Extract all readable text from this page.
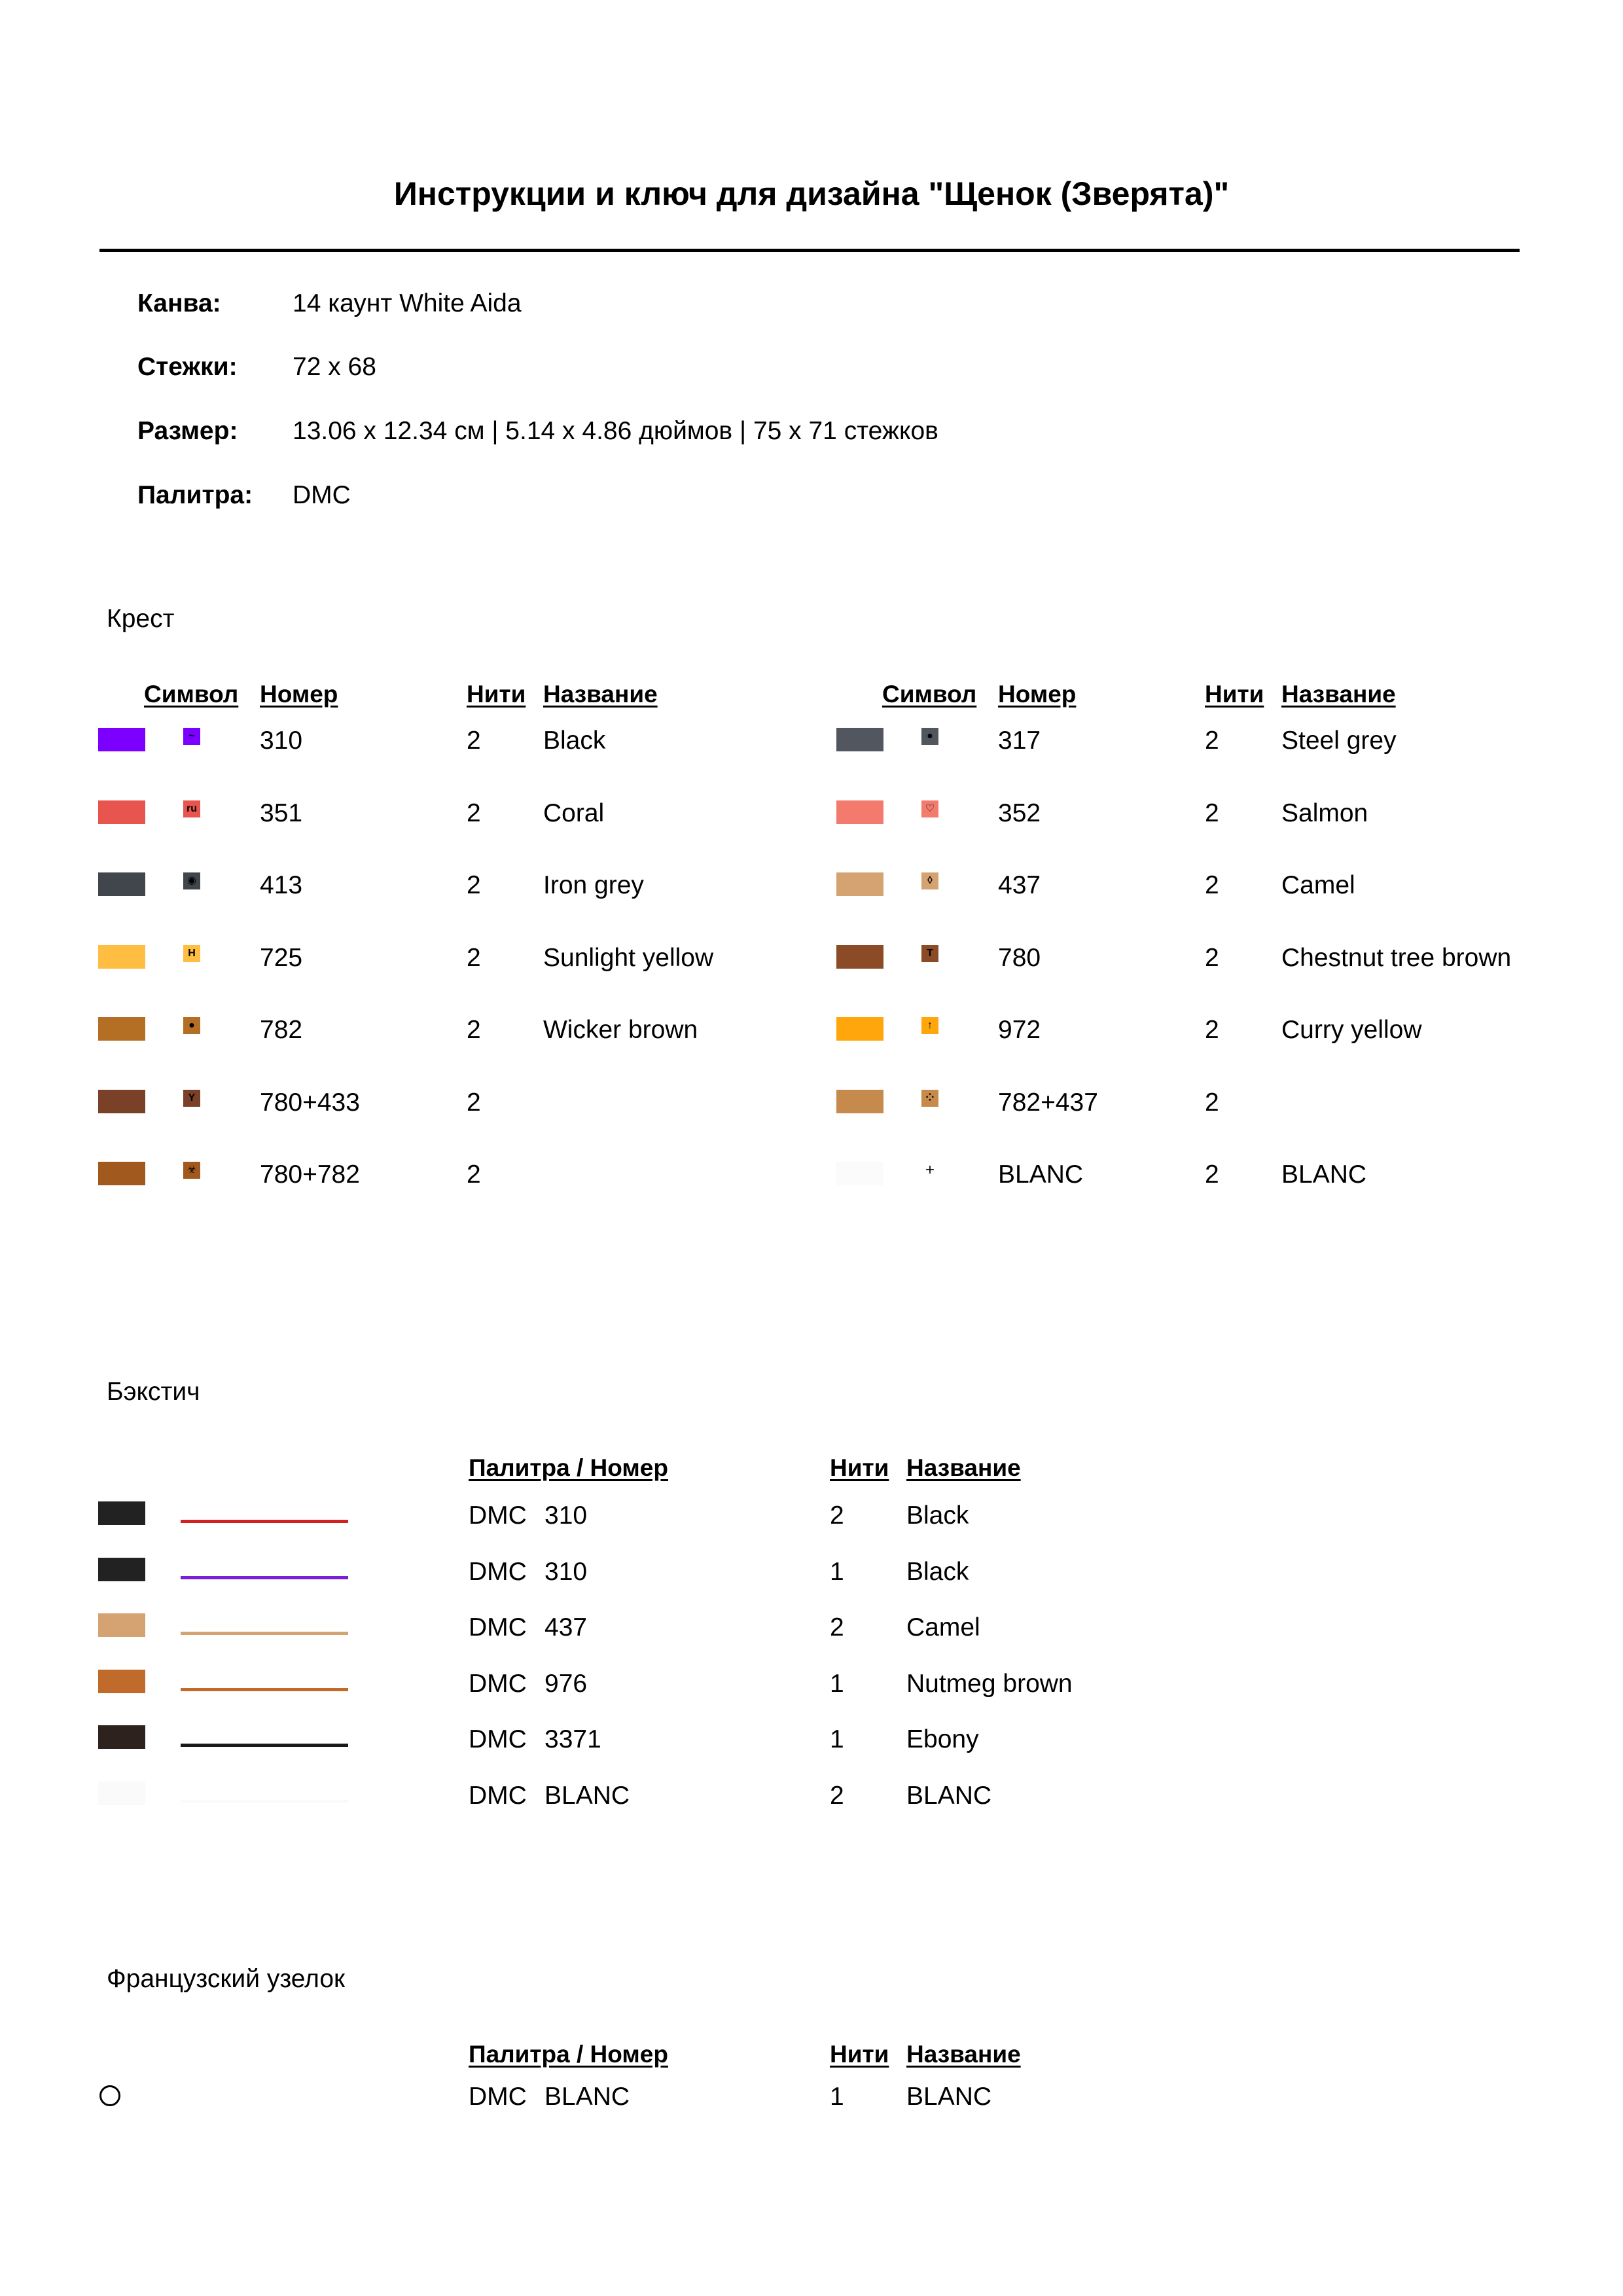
Инструкции и ключ для дизайна "Щенок (Зверята)"
Канва:	14 каунт White Aida
Стежки: 72 x 68
Размер: 13.06 x 12.34 см | 5.14 x 4.86 дюймов | 75 x 71 стежков
Палитра: DMC
Крест
Символ Номер	Нити Название	Символ Номер	Нити Название
~	310	2 Black
ru 351	2 Coral
◉ 413	2 Iron grey
H	725	2 Sunlight yellow
●	782	2 Wicker brown
Y	780+433	2
☣ 780+782	2
●	317	2 Steel grey
♡ 352	2 Salmon
◊	437	2 Camel
T	780	2 Chestnut tree brown
↑	972	2 Curry yellow
⁘ 782+437	2
+ BLANC	2 BLANC
Бэкстич
Палитра / Номер	Нити Название
DMC 310	2 Black
DMC 310	1 Black
DMC 437	2 Camel
DMC 976	1 Nutmeg brown
DMC 3371	1 Ebony
DMC BLANC	2 BLANC
Французский узелок
Палитра / Номер	Нити Название
DMC BLANC	1 BLANC
